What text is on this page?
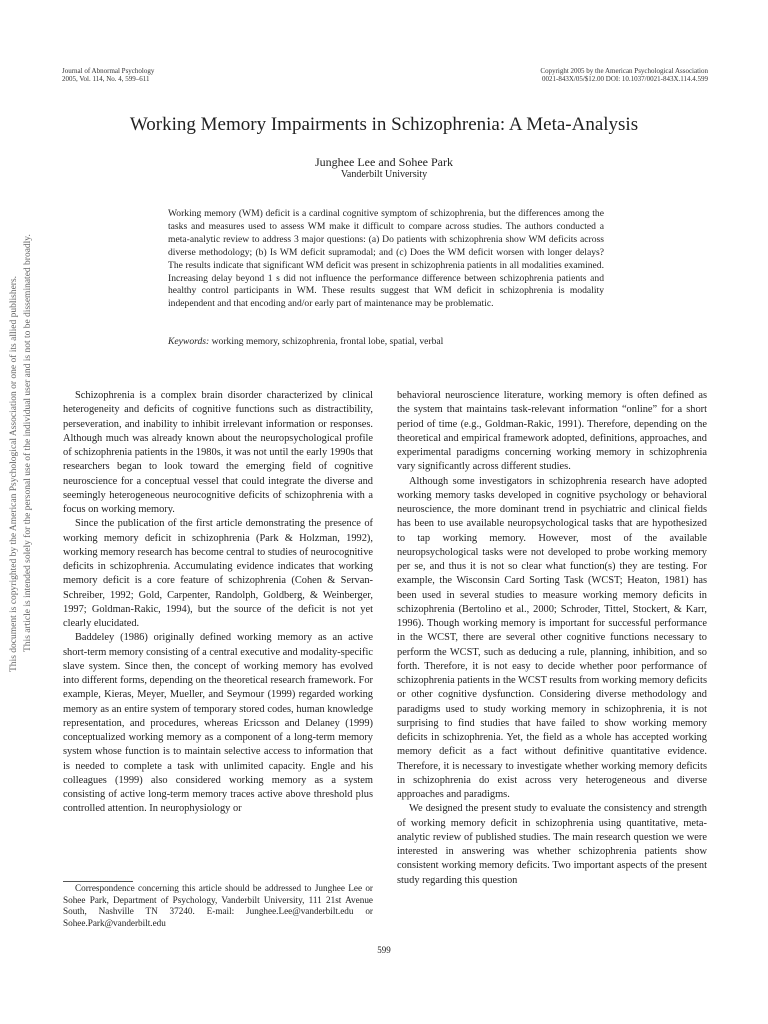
Journal of Abnormal Psychology
2005, Vol. 114, No. 4, 599–611
Copyright 2005 by the American Psychological Association
0021-843X/05/$12.00 DOI: 10.1037/0021-843X.114.4.599
Working Memory Impairments in Schizophrenia: A Meta-Analysis
Junghee Lee and Sohee Park
Vanderbilt University
Working memory (WM) deficit is a cardinal cognitive symptom of schizophrenia, but the differences among the tasks and measures used to assess WM make it difficult to compare across studies. The authors conducted a meta-analytic review to address 3 major questions: (a) Do patients with schizophrenia show WM deficits across diverse methodology; (b) Is WM deficit supramodal; and (c) Does the WM deficit worsen with longer delays? The results indicate that significant WM deficit was present in schizophrenia patients in all modalities examined. Increasing delay beyond 1 s did not influence the performance difference between schizophrenia patients and healthy control participants in WM. These results suggest that WM deficit in schizophrenia is modality independent and that encoding and/or early part of maintenance may be problematic.
Keywords: working memory, schizophrenia, frontal lobe, spatial, verbal

Schizophrenia is a complex brain disorder characterized by clinical heterogeneity and deficits of cognitive functions such as distractibility, perseveration, and inability to inhibit irrelevant information or responses. Although much was already known about the neuropsychological profile of schizophrenia patients in the 1980s, it was not until the early 1990s that researchers began to look toward the emerging field of cognitive neuroscience for a conceptual vessel that could integrate the diverse and seemingly heterogeneous neurocognitive deficits of schizophrenia with a focus on working memory.

Since the publication of the first article demonstrating the presence of working memory deficit in schizophrenia (Park & Holzman, 1992), working memory research has become central to studies of neurocognitive deficits in schizophrenia. Accumulating evidence indicates that working memory deficit is a core feature of schizophrenia (Cohen & Servan-Schreiber, 1992; Gold, Carpenter, Randolph, Goldberg, & Weinberger, 1997; Goldman-Rakic, 1994), but the source of the deficit is not yet clearly elucidated.

Baddeley (1986) originally defined working memory as an active short-term memory consisting of a central executive and modality-specific slave system. Since then, the concept of working memory has evolved into different forms, depending on the theoretical research framework. For example, Kieras, Meyer, Mueller, and Seymour (1999) regarded working memory as an entire system of temporary stored codes, human knowledge representation, and procedures, whereas Ericsson and Delaney (1999) conceptualized working memory as a component of a long-term memory system whose function is to maintain selective access to information that is needed to complete a task with unlimited capacity. Engle and his colleagues (1999) also considered working memory as a system consisting of active long-term memory traces active above threshold plus controlled attention. In neurophysiology or

behavioral neuroscience literature, working memory is often defined as the system that maintains task-relevant information “online” for a short period of time (e.g., Goldman-Rakic, 1991). Therefore, depending on the theoretical and empirical framework adopted, definitions, approaches, and experimental paradigms concerning working memory in schizophrenia vary significantly across different studies.

Although some investigators in schizophrenia research have adopted working memory tasks developed in cognitive psychology or behavioral neuroscience, the more dominant trend in psychiatric and clinical fields has been to use available neuropsychological tasks that are hypothesized to tap working memory. However, most of the available neuropsychological tasks were not developed to probe working memory per se, and thus it is not so clear what function(s) they are testing. For example, the Wisconsin Card Sorting Task (WCST; Heaton, 1981) has been used in several studies to measure working memory deficits in schizophrenia (Bertolino et al., 2000; Schroder, Tittel, Stockert, & Karr, 1996). Though working memory is important for successful performance in the WCST, there are several other cognitive functions necessary to perform the WCST, such as deducing a rule, planning, inhibition, and so forth. Therefore, it is not easy to decide whether poor performance of schizophrenia patients in the WCST results from working memory deficits or other cognitive dysfunction. Considering diverse methodology and paradigms used to study working memory in schizophrenia, it is not surprising to find studies that have failed to show working memory deficits in schizophrenia. Yet, the field as a whole has accepted working memory deficit as a fact without definitive quantitative evidence. Therefore, it is necessary to investigate whether working memory deficits in schizophrenia do exist across very heterogeneous and diverse approaches and paradigms.

We designed the present study to evaluate the consistency and strength of working memory deficit in schizophrenia using quantitative, meta-analytic review of published studies. The main research question we were interested in answering was whether schizophrenia patients show consistent working memory deficits. Two important aspects of the present study regarding this question

Correspondence concerning this article should be addressed to Junghee Lee or Sohee Park, Department of Psychology, Vanderbilt University, 111 21st Avenue South, Nashville TN 37240. E-mail: Junghee.Lee@vanderbilt.edu or Sohee.Park@vanderbilt.edu
599
This document is copyrighted by the American Psychological Association or one of its allied publishers. This article is intended solely for the personal use of the individual user and is not to be disseminated broadly.
